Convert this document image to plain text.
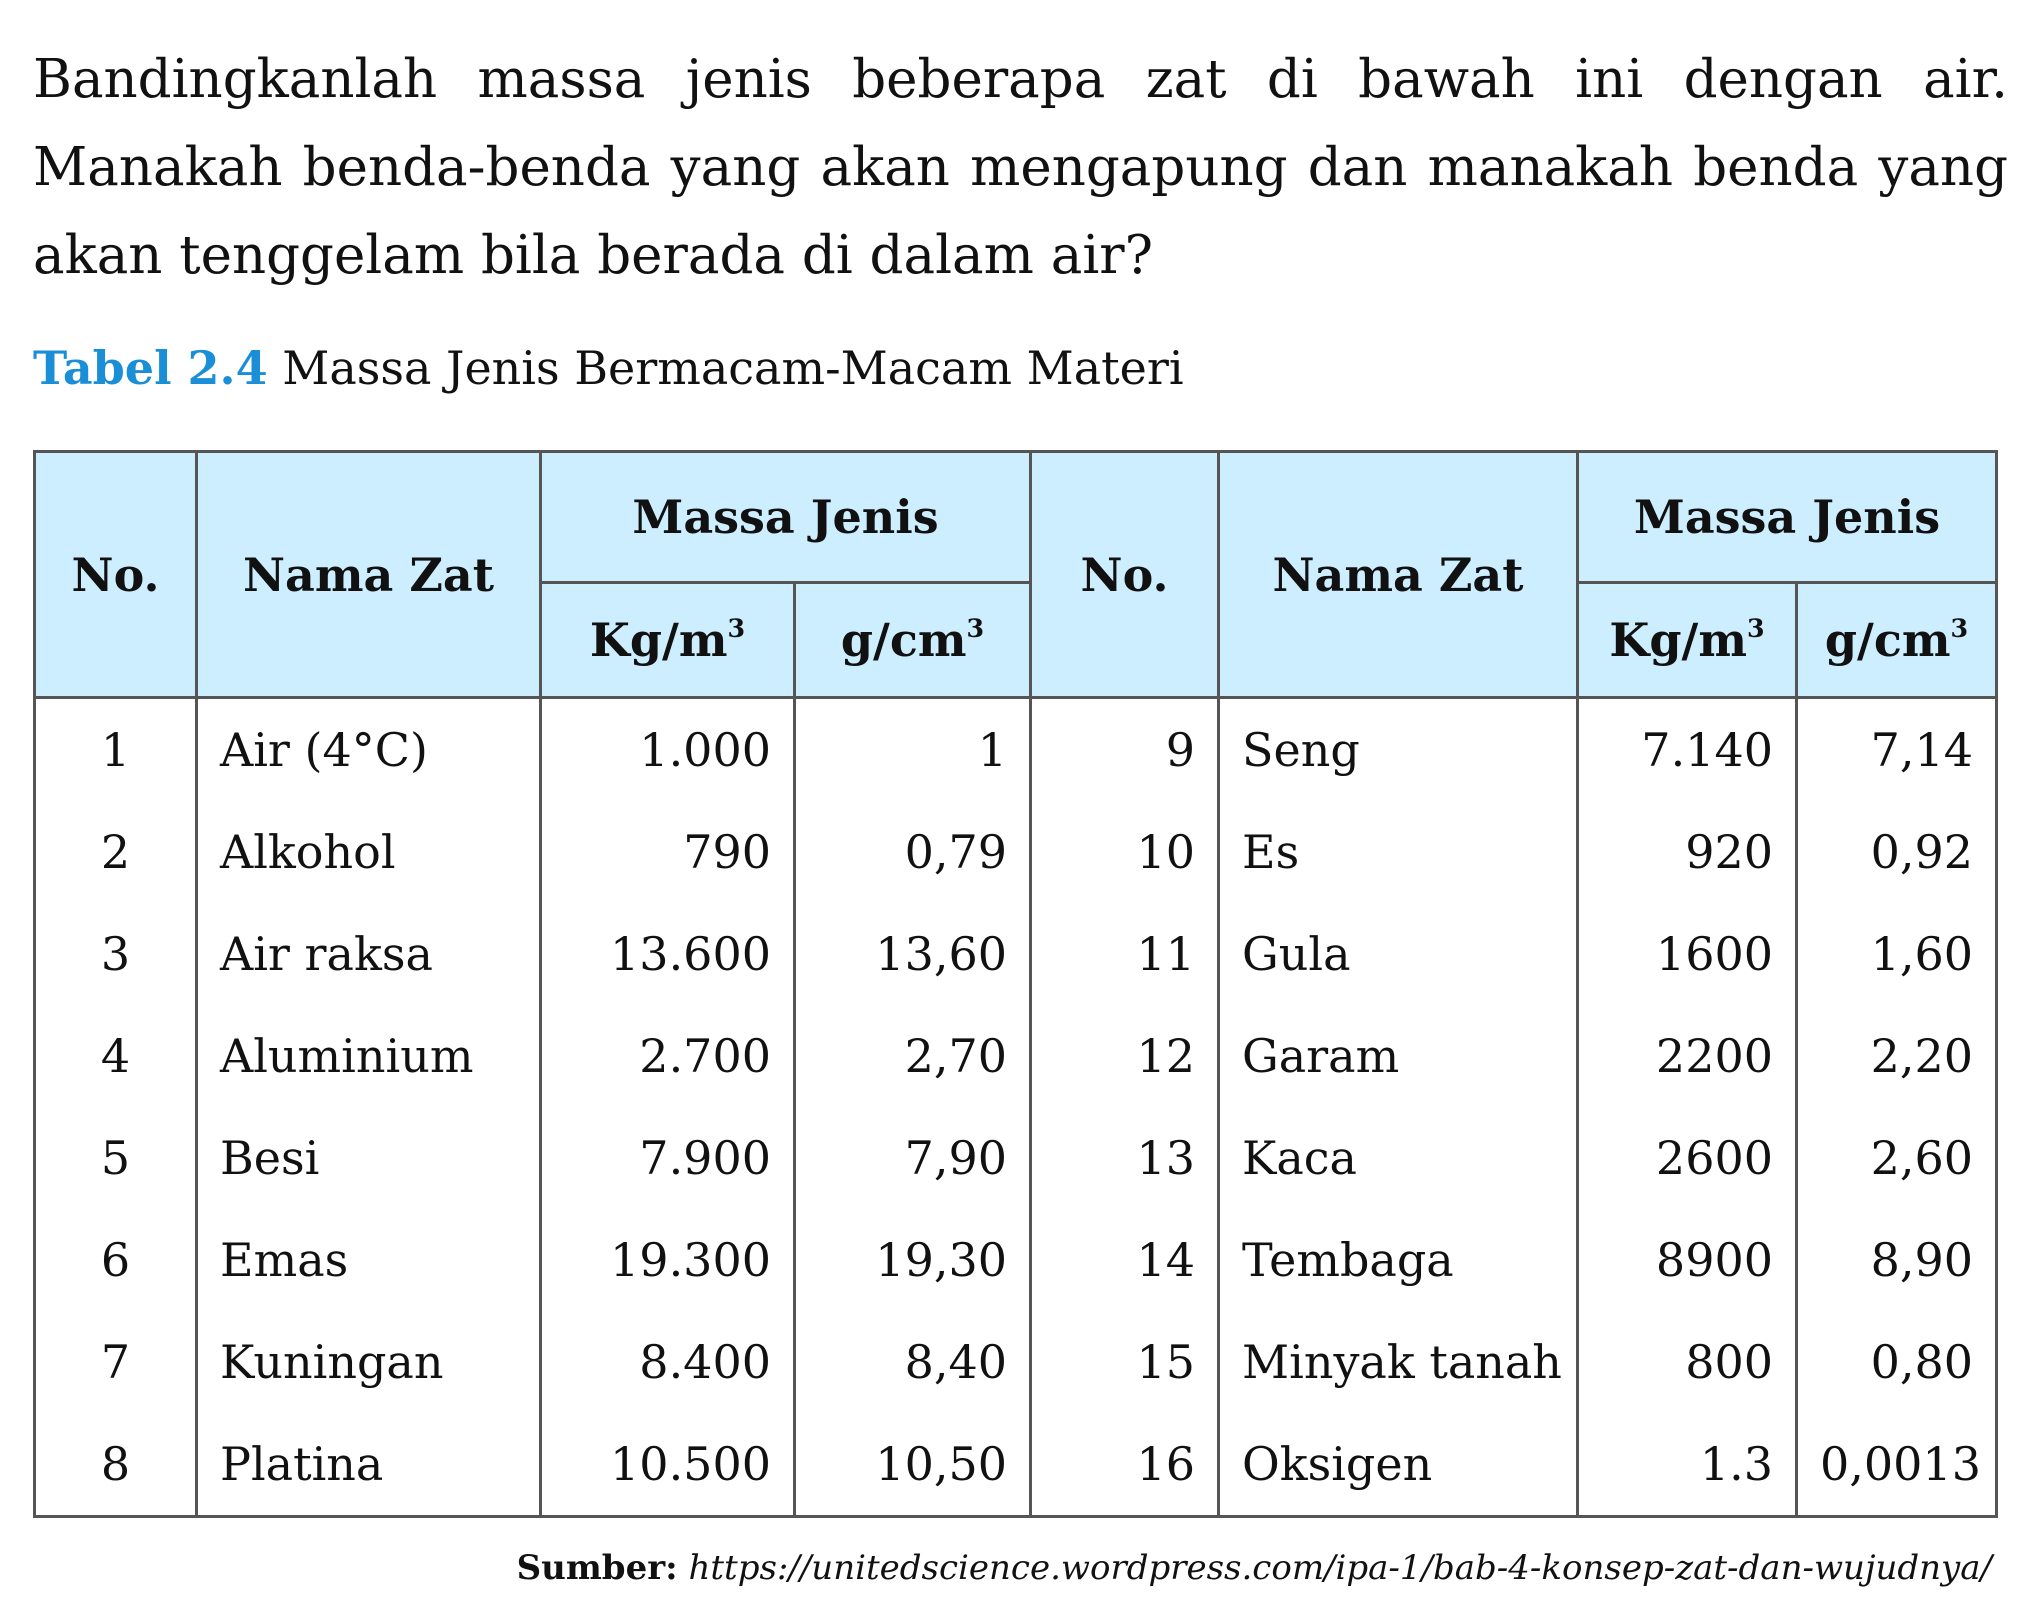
Bandingkanlah massa jenis beberapa zat di bawah ini dengan air. Manakah benda-benda yang akan mengapung dan manakah benda yang akan tenggelam bila berada di dalam air?

Tabel 2.4 Massa Jenis Bermacam-Macam Materi
No.	Nama Zat	Massa Jenis		No.	Nama Zat	Massa Jenis	
		$Kg/m^3$	$g/cm^3$			$Kg/m^3$	$g/cm^3$
1	Air (4°C)	1.000	1	9	Seng	7.140	7,14
2	Alkohol	790	0,79	10	Es	920	0,92
3	Air raksa	13.600	13,60	11	Gula	1600	1,60
4	Aluminium	2.700	2,70	12	Garam	2200	2,20
5	Besi	7.900	7,90	13	Kaca	2600	2,60
6	Emas	19.300	19,30	14	Tembaga	8900	8,90
7	Kuningan	8.400	8,40	15	Minyak tanah	800	0,80
8	Platina	10.500	10,50	16	Oksigen	1.3	0,0013
Sumber: https://unitedscience.wordpress.com/ipa-1/bab-4-konsep-zat-dan-wujudnya/
